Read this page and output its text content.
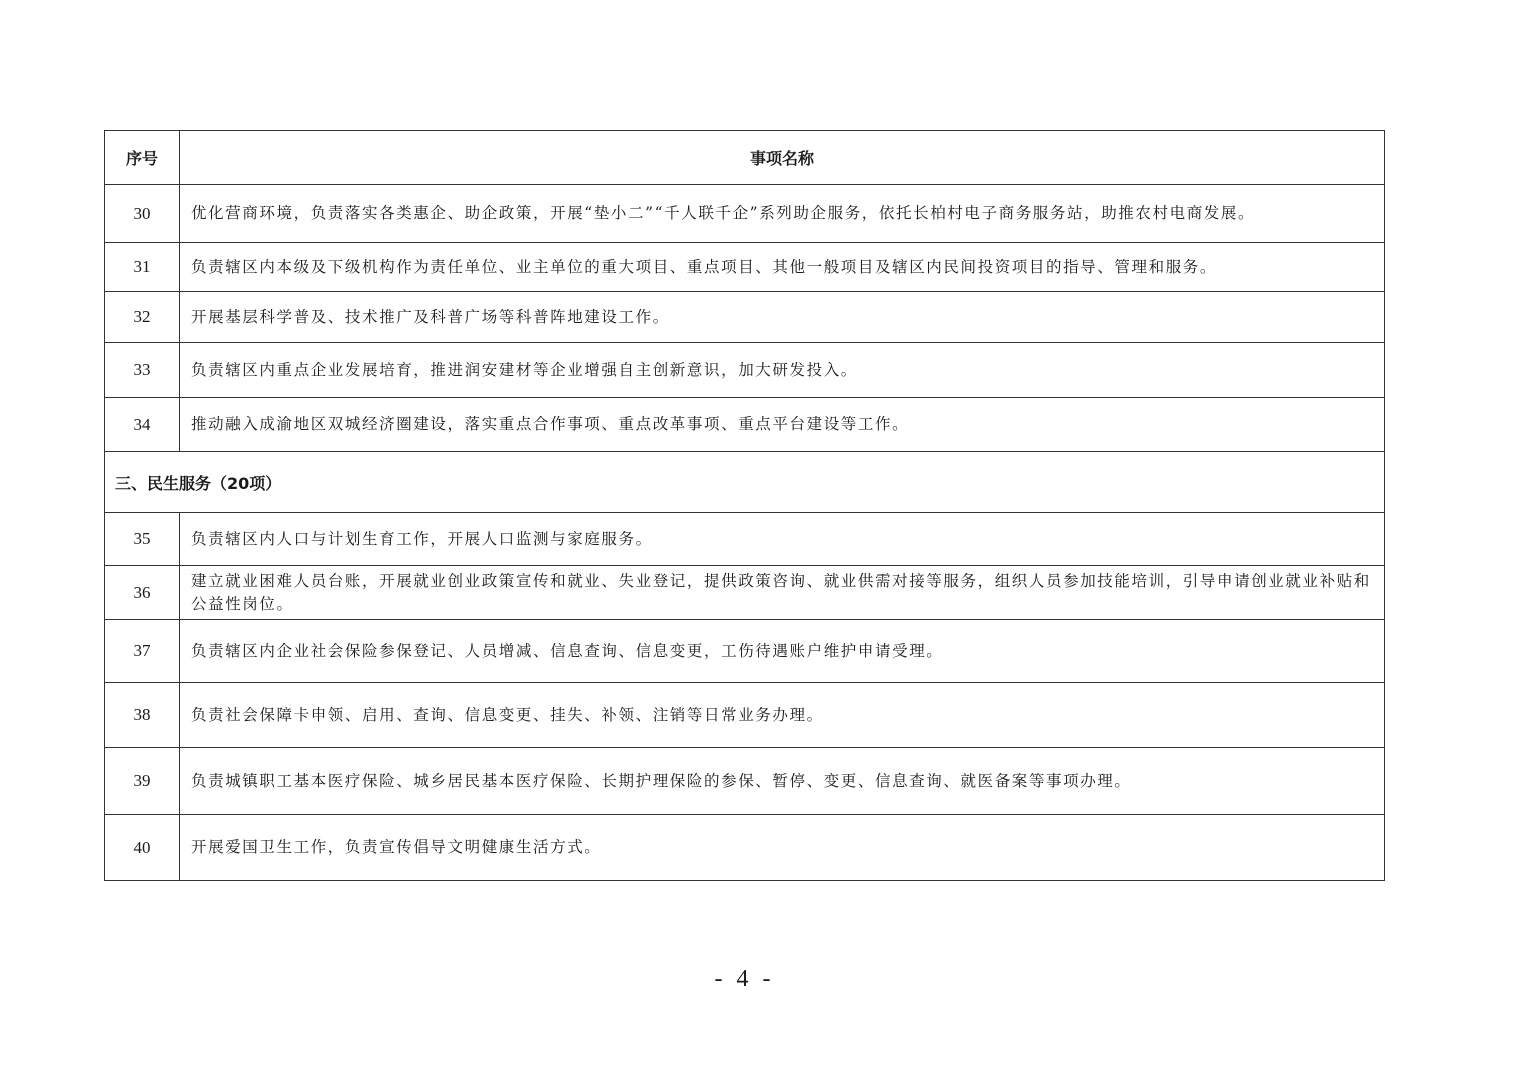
序号	事项名称
30	优化营商环境，负责落实各类惠企、助企政策，开展“垫小二”“千人联千企”系列助企服务，依托长柏村电子商务服务站，助推农村电商发展。
31	负责辖区内本级及下级机构作为责任单位、业主单位的重大项目、重点项目、其他一般项目及辖区内民间投资项目的指导、管理和服务。
32	开展基层科学普及、技术推广及科普广场等科普阵地建设工作。
33	负责辖区内重点企业发展培育，推进润安建材等企业增强自主创新意识，加大研发投入。
34	推动融入成渝地区双城经济圈建设，落实重点合作事项、重点改革事项、重点平台建设等工作。
三、民生服务（20项）	
35	负责辖区内人口与计划生育工作，开展人口监测与家庭服务。
36	建立就业困难人员台账，开展就业创业政策宣传和就业、失业登记，提供政策咨询、就业供需对接等服务，组织人员参加技能培训，引导申请创业就业补贴和公益性岗位。
37	负责辖区内企业社会保险参保登记、人员增减、信息查询、信息变更，工伤待遇账户维护申请受理。
38	负责社会保障卡申领、启用、查询、信息变更、挂失、补领、注销等日常业务办理。
39	负责城镇职工基本医疗保险、城乡居民基本医疗保险、长期护理保险的参保、暂停、变更、信息查询、就医备案等事项办理。
40	开展爱国卫生工作，负责宣传倡导文明健康生活方式。
- 4 -
